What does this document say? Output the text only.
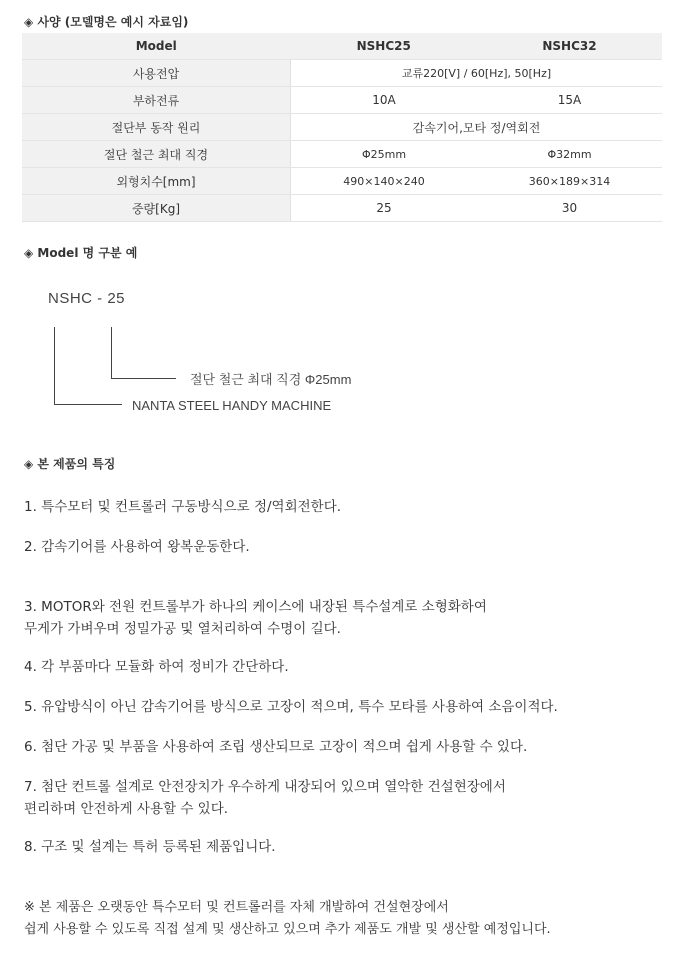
◈ 사양 (모델명은 예시 자료임)
Model	NSHC25	NSHC32
사용전압	교류220[V] / 60[Hz], 50[Hz]	
부하전류	10A	15A
절단부 동작 원리	감속기어,모타 정/역회전	
절단 철근 최대 직경	Φ25mm	Φ32mm
외형치수[mm]	490×140×240	360×189×314
중량[Kg]	25	30
◈ Model 명 구분 예
NSHC - 25
절단 철근 최대 직경 Φ25mm
NANTA STEEL HANDY MACHINE
◈ 본 제품의 특징
1. 특수모터 및 컨트롤러 구동방식으로 정/역회전한다.
2. 감속기어를 사용하여 왕복운동한다.
3. MOTOR와 전원 컨트롤부가 하나의 케이스에 내장된 특수설계로 소형화하여
무게가 가벼우며 정밀가공 및 열처리하여 수명이 길다.
4. 각 부품마다 모듈화 하여 정비가 간단하다.
5. 유압방식이 아닌 감속기어를 방식으로 고장이 적으며, 특수 모타를 사용하여 소음이적다.
6. 첨단 가공 및 부품을 사용하여 조립 생산되므로 고장이 적으며 쉽게 사용할 수 있다.
7. 첨단 컨트롤 설계로 안전장치가 우수하게 내장되어 있으며 열악한 건설현장에서
편리하며 안전하게 사용할 수 있다.
8. 구조 및 설계는 특허 등록된 제품입니다.
※ 본 제품은 오랫동안 특수모터 및 컨트롤러를 자체 개발하여 건설현장에서
쉽게 사용할 수 있도록 직접 설계 및 생산하고 있으며 추가 제품도 개발 및 생산할 예정입니다.
